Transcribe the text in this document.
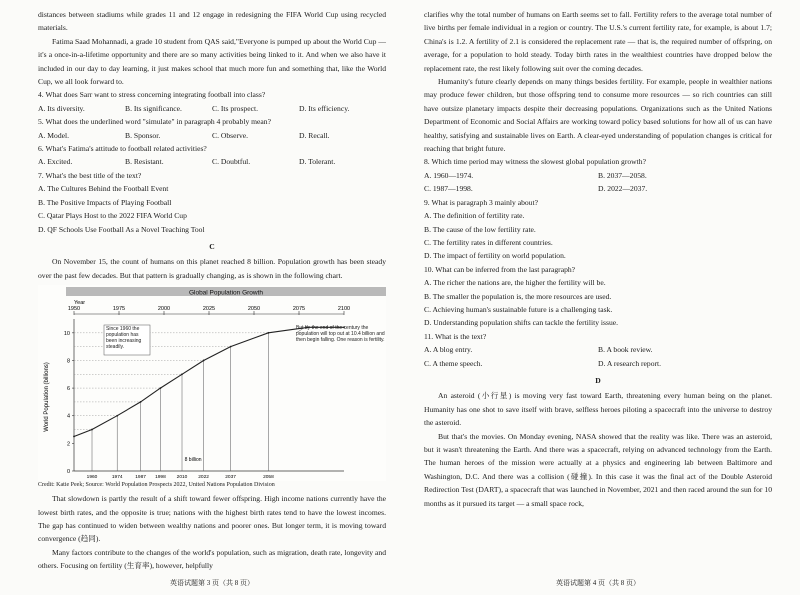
distances between stadiums while grades 11 and 12 engage in redesigning the FIFA World Cup using recycled materials.

Fatima Saad Mohannadi, a grade 10 student from QAS said,"Everyone is pumped up about the World Cup — it's a once-in-a-lifetime opportunity and there are so many activities being linked to it. And when we also have it included in our day to day learning, it just makes school that much more fun and something that, like the World Cup, we all look forward to.

4. What does Sarr want to stress concerning integrating football into class?

A. Its diversity.	B. Its significance.	C. Its prospect.	D. Its efficiency.

5. What does the underlined word "simulate" in paragraph 4 probably mean?

A. Model.	B. Sponsor.	C. Observe.	D. Recall.

6. What's Fatima's attitude to football related activities?

A. Excited.	B. Resistant.	C. Doubtful.	D. Tolerant.

7. What's the best title of the text?

A. The Cultures Behind the Football Event

B. The Positive Impacts of Playing Football

C. Qatar Plays Host to the 2022 FIFA World Cup

D. QF Schools Use Football As a Novel Teaching Tool

C

On November 15, the count of humans on this planet reached 8 billion. Population growth has been steady over the past few decades. But that pattern is gradually changing, as is shown in the following chart.

Global Population Growth
Year
World Population (billions)
1950	1975	2000	2025	2050	2075	2100
0
2
4
6
8
10
1960	1974	1987 1998 2010 2022	2037	2058
8 billion
Since 1960 the population has been increasing steadily.
But by the end of the century the population will top out at 10.4 billion and then begin falling. One reason is fertility.
Credit: Katie Peek; Source: World Population Prospects 2022, United Nations Population Division

That slowdown is partly the result of a shift toward fewer offspring. High income nations currently have the lowest birth rates, and the opposite is true; nations with the highest birth rates tend to have the lowest incomes. The gap has continued to widen between wealthy nations and poorer ones. But longer term, it is moving toward convergence (趋同).

Many factors contribute to the changes of the world's population, such as migration, death rate, longevity and others. Focusing on fertility (生育率), however, helpfully

clarifies why the total number of humans on Earth seems set to fall. Fertility refers to the average total number of live births per female individual in a region or country. The U.S.'s current fertility rate, for example, is about 1.7; China's is 1.2. A fertility of 2.1 is considered the replacement rate — that is, the required number of offspring, on average, for a population to hold steady. Today birth rates in the wealthiest countries have dropped below the replacement rate, the rest likely following suit over the coming decades.

Humanity's future clearly depends on many things besides fertility. For example, people in wealthier nations may produce fewer children, but those offspring tend to consume more resources — so rich countries can still have outsize planetary impacts despite their decreasing populations. Organizations such as the United Nations Department of Economic and Social Affairs are working toward policy based solutions for how all of us can have healthy, satisfying and sustainable lives on Earth. A clear-eyed understanding of population changes is critical for reaching that bright future.

8. Which time period may witness the slowest global population growth?

A. 1960—1974.	B. 2037—2058.
C. 1987—1998.	D. 2022—2037.

9. What is paragraph 3 mainly about?

A. The definition of fertility rate.

B. The cause of the low fertility rate.

C. The fertility rates in different countries.

D. The impact of fertility on world population.

10. What can be inferred from the last paragraph?

A. The richer the nations are, the higher the fertility will be.

B. The smaller the population is, the more resources are used.

C. Achieving human's sustainable future is a challenging task.

D. Understanding population shifts can tackle the fertility issue.

11. What is the text?

A. A blog entry.	B. A book review.
C. A theme speech.	D. A research report.
D

An asteroid (小行星) is moving very fast toward Earth, threatening every human being on the planet. Humanity has one shot to save itself with brave, selfless heroes piloting a spacecraft into the universe to destroy the asteroid.

But that's the movies. On Monday evening, NASA showed that the reality was like. There was an asteroid, but it wasn't threatening the Earth. And there was a spacecraft, relying on advanced technology from the Earth. The human heroes of the mission were actually at a physics and engineering lab between Baltimore and Washington, D.C. And there was a collision (碰撞). In this case it was the final act of the Double Asteroid Redirection Test (DART), a spacecraft that was launched in November, 2021 and then raced around the sun for 10 months as it pursued its target — a small space rock,

英语试题第 3 页（共 8 页）	英语试题第 4 页（共 8 页）
